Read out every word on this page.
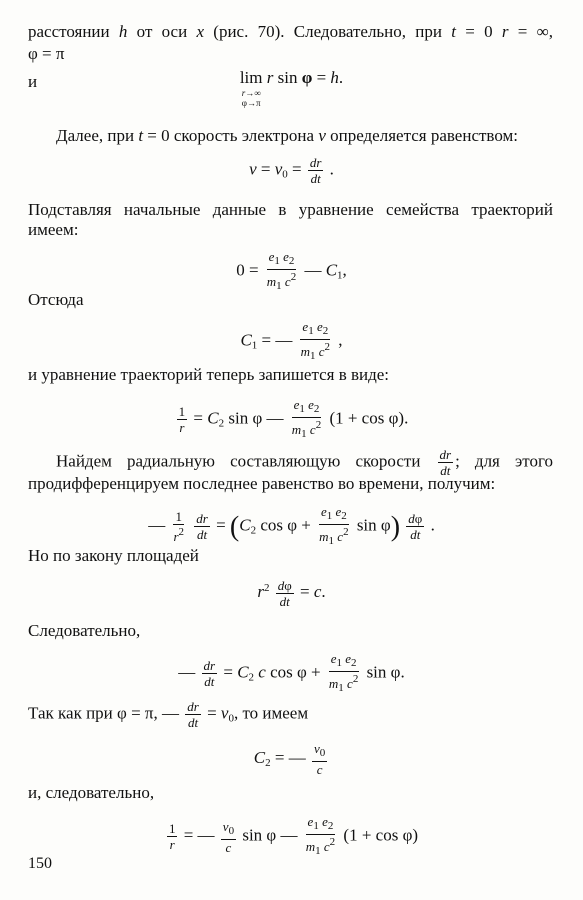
расстоянии h от оси x (рис. 70). Следовательно, при t = 0 r = ∞,
φ = π
и	lim
r→∞
φ→π
r sin φ = h.
Далее, при t = 0 скорость электрона v определяется равенством:
$v = v_0 = \frac{dr}{dt}$ .
Подставляя начальные данные в уравнение семейства траекторий
имеем:
$0 = \frac{e_1 e_2}{m_1 c^2}$ — $C_1$,
Отсюда
$C_1$ = — $\frac{e_1 e_2}{m_1 c^2}$ ,
и уравнение траекторий теперь запишется в виде:
$\frac{1}{r} = C_2$ sin φ — $\frac{e_1 e_2}{m_1 c^2} (1 + \cos \varphi)$.
Найдем радиальную составляющую скорости $\frac{dr}{dt}$ ; для этого
продифференцируем последнее равенство во времени, получим:
— $\frac{1}{r^2}$
$\frac{dr}{dt} = (C_2$ $\cos \varphi + \frac{e_1 e_2}{m_1 c^2}$ $\sin \varphi) \frac{d\varphi}{dt}$ .
Но по закону площадей
$r^2 \frac{d\varphi}{dt} = c$.
Следовательно,
— $\frac{dr}{dt} = C_2$ c $\cos \varphi + \frac{e_1 e_2}{m_1 c^2}$ sin φ.
Так как при φ = π, — $\frac{dr}{dt} = v_0$, то имеем
$C_2$ = — $\frac{v_0}{c}$
и, следовательно,
$\frac{1}{r}$ = — $\frac{v_0}{c}$ sin φ — $\frac{e_1 e_2}{m_1 c^2} (1 + \cos \varphi)$
150
